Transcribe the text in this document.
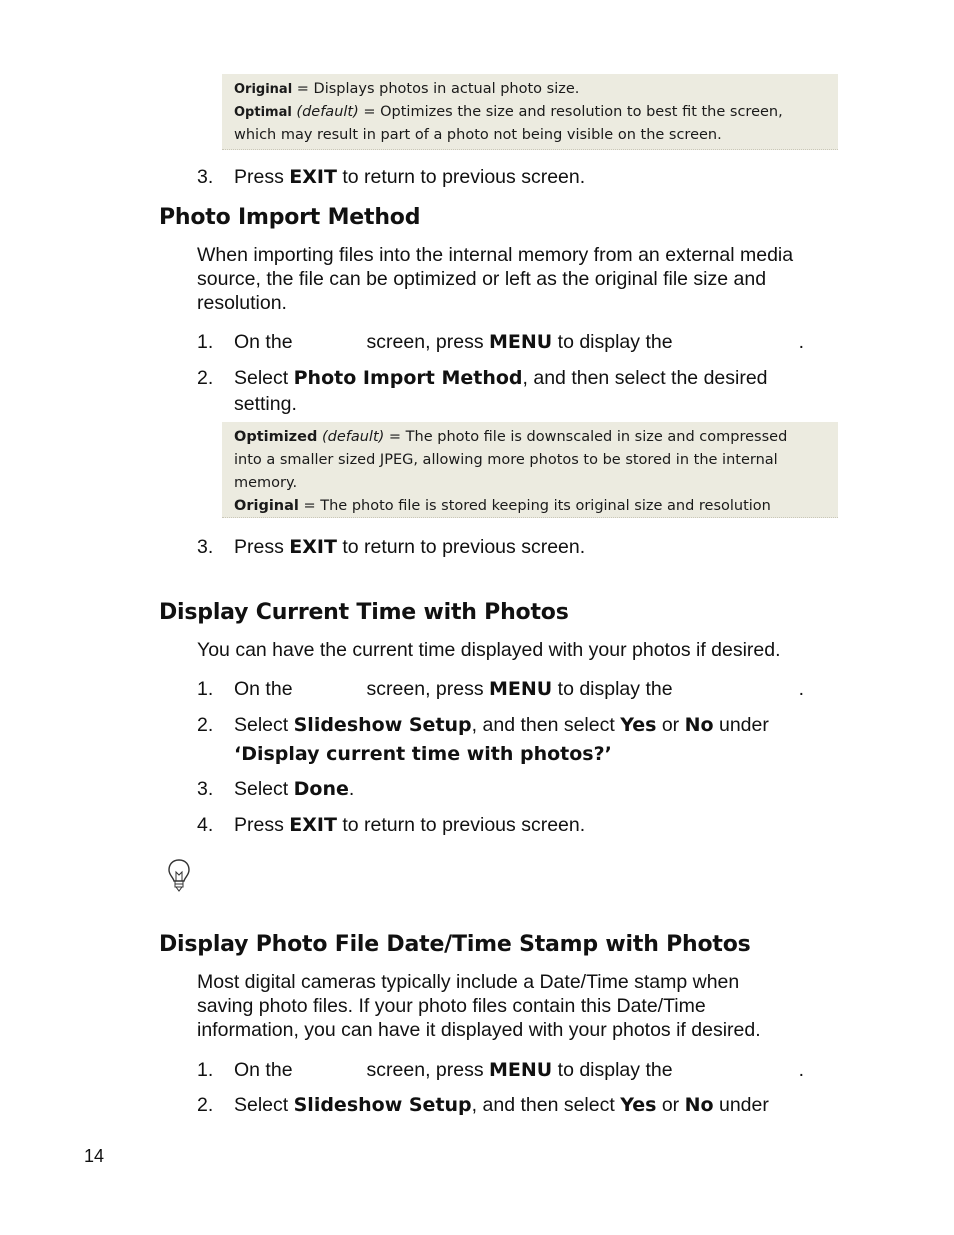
Original = Displays photos in actual photo size.
Optimal (default) = Optimizes the size and resolution to best fit the screen,
which may result in part of a photo not being visible on the screen.
3. Press EXIT to return to previous screen.
Photo Import Method
When importing files into the internal memory from an external media
source, the file can be optimized or left as the original file size and
resolution.
1. On the	screen, press MENU to display the	.
2. Select Photo Import Method, and then select the desired
setting.
Optimized (default) = The photo file is downscaled in size and compressed
into a smaller sized JPEG, allowing more photos to be stored in the internal
memory.
Original = The photo file is stored keeping its original size and resolution
3. Press EXIT to return to previous screen.
Display Current Time with Photos
You can have the current time displayed with your photos if desired.
1. On the	screen, press MENU to display the	.
2. Select Slideshow Setup, and then select Yes or No under
‘Display current time with photos?’
3. Select Done.
4. Press EXIT to return to previous screen.
Display Photo File Date/Time Stamp with Photos
Most digital cameras typically include a Date/Time stamp when
saving photo files. If your photo files contain this Date/Time
information, you can have it displayed with your photos if desired.
1. On the	screen, press MENU to display the	.
2. Select Slideshow Setup, and then select Yes or No under
14
